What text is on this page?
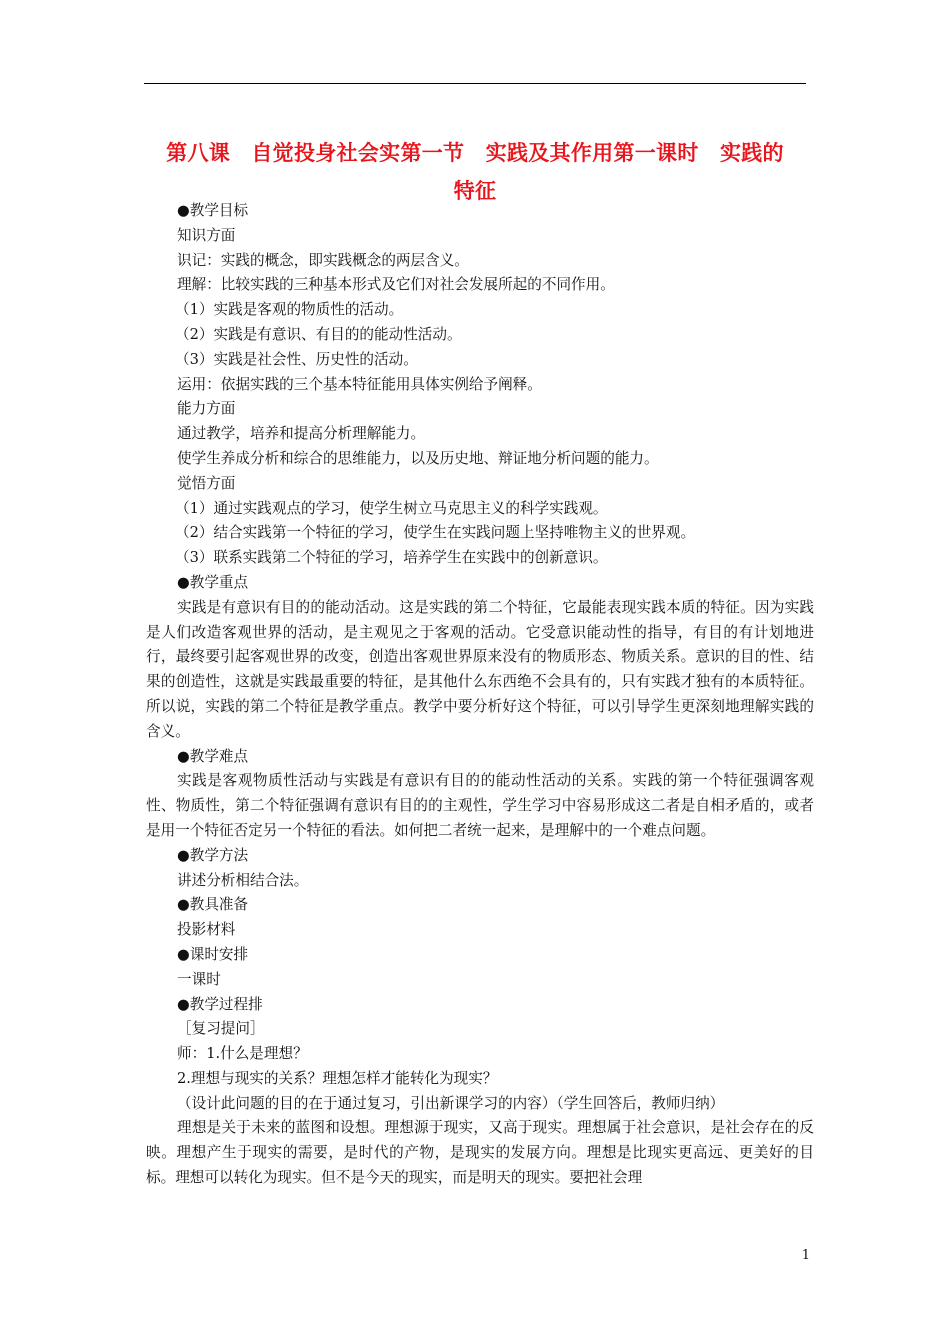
第八课　自觉投身社会实第一节　实践及其作用第一课时　实践的
特征
●教学目标
知识方面
识记：实践的概念，即实践概念的两层含义。
理解：比较实践的三种基本形式及它们对社会发展所起的不同作用。
（1）实践是客观的物质性的活动。
（2）实践是有意识、有目的的能动性活动。
（3）实践是社会性、历史性的活动。
运用：依据实践的三个基本特征能用具体实例给予阐释。
能力方面
通过教学，培养和提高分析理解能力。
使学生养成分析和综合的思维能力，以及历史地、辩证地分析问题的能力。
觉悟方面
（1）通过实践观点的学习，使学生树立马克思主义的科学实践观。
（2）结合实践第一个特征的学习，使学生在实践问题上坚持唯物主义的世界观。
（3）联系实践第二个特征的学习，培养学生在实践中的创新意识。
●教学重点
实践是有意识有目的的能动活动。这是实践的第二个特征，它最能表现实践本质的特征。因为实践是人们改造客观世界的活动，是主观见之于客观的活动。它受意识能动性的指导，有目的有计划地进行，最终要引起客观世界的改变，创造出客观世界原来没有的物质形态、物质关系。意识的目的性、结果的创造性，这就是实践最重要的特征，是其他什么东西绝不会具有的，只有实践才独有的本质特征。所以说，实践的第二个特征是教学重点。教学中要分析好这个特征，可以引导学生更深刻地理解实践的含义。
●教学难点
实践是客观物质性活动与实践是有意识有目的的能动性活动的关系。实践的第一个特征强调客观性、物质性，第二个特征强调有意识有目的的主观性，学生学习中容易形成这二者是自相矛盾的，或者是用一个特征否定另一个特征的看法。如何把二者统一起来，是理解中的一个难点问题。
●教学方法
讲述分析相结合法。
●教具准备
投影材料
●课时安排
一课时
●教学过程排
［复习提问］
师：1.什么是理想？
2.理想与现实的关系？理想怎样才能转化为现实？
（设计此问题的目的在于通过复习，引出新课学习的内容）（学生回答后，教师归纳）
理想是关于未来的蓝图和设想。理想源于现实，又高于现实。理想属于社会意识，是社会存在的反映。理想产生于现实的需要，是时代的产物，是现实的发展方向。理想是比现实更高远、更美好的目标。理想可以转化为现实。但不是今天的现实，而是明天的现实。要把社会理
1
